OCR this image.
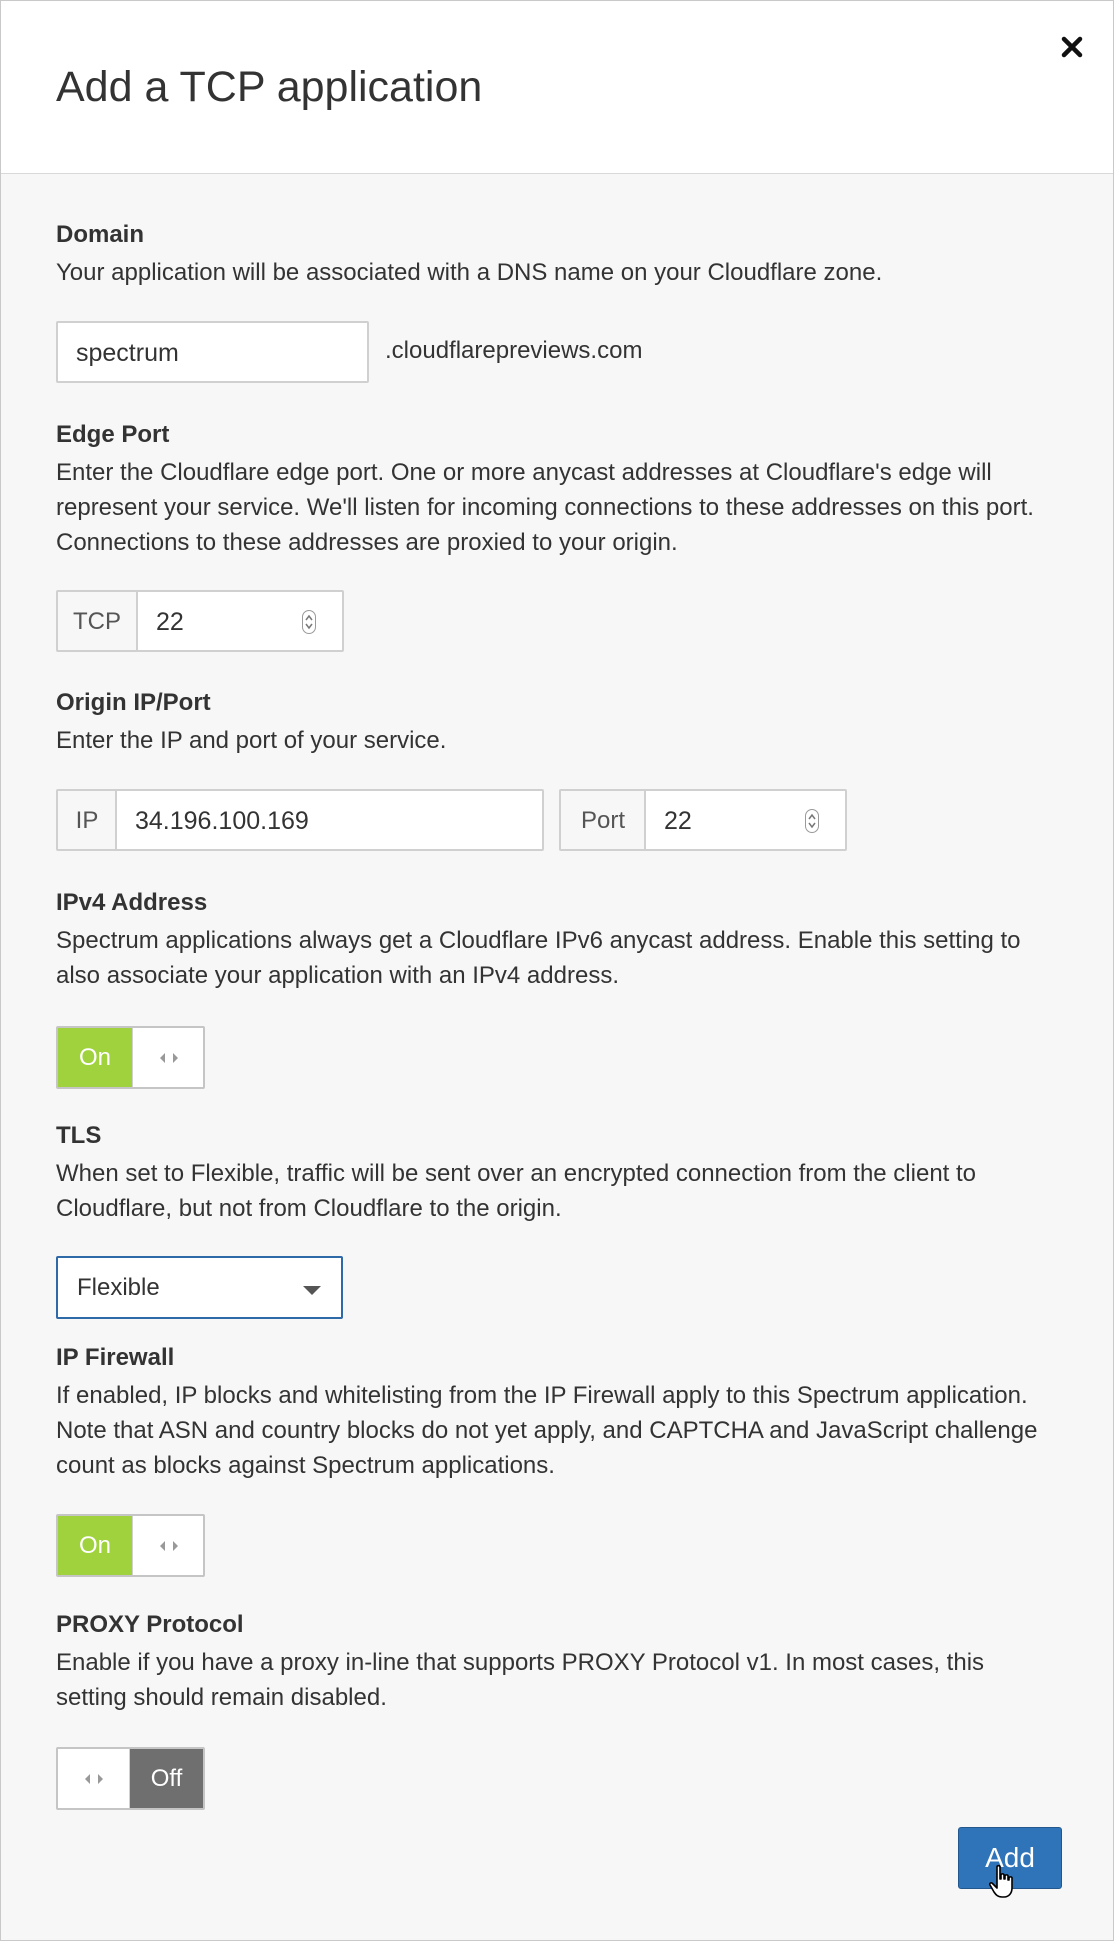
Add a TCP application
Domain
Your application will be associated with a DNS name on your Cloudflare zone.
spectrum	.cloudflarepreviews.com
Edge Port
Enter the Cloudflare edge port. One or more anycast addresses at Cloudflare's edge will represent your service. We'll listen for incoming connections to these addresses on this port. Connections to these addresses are proxied to your origin.
TCP	22
Origin IP/Port
Enter the IP and port of your service.
IP	34.196.100.169	Port	22
IPv4 Address
Spectrum applications always get a Cloudflare IPv6 anycast address. Enable this setting to also associate your application with an IPv4 address.
On
TLS
When set to Flexible, traffic will be sent over an encrypted connection from the client to Cloudflare, but not from Cloudflare to the origin.
Flexible
IP Firewall
If enabled, IP blocks and whitelisting from the IP Firewall apply to this Spectrum application. Note that ASN and country blocks do not yet apply, and CAPTCHA and JavaScript challenge count as blocks against Spectrum applications.
On
PROXY Protocol
Enable if you have a proxy in-line that supports PROXY Protocol v1. In most cases, this setting should remain disabled.
Off
Add
